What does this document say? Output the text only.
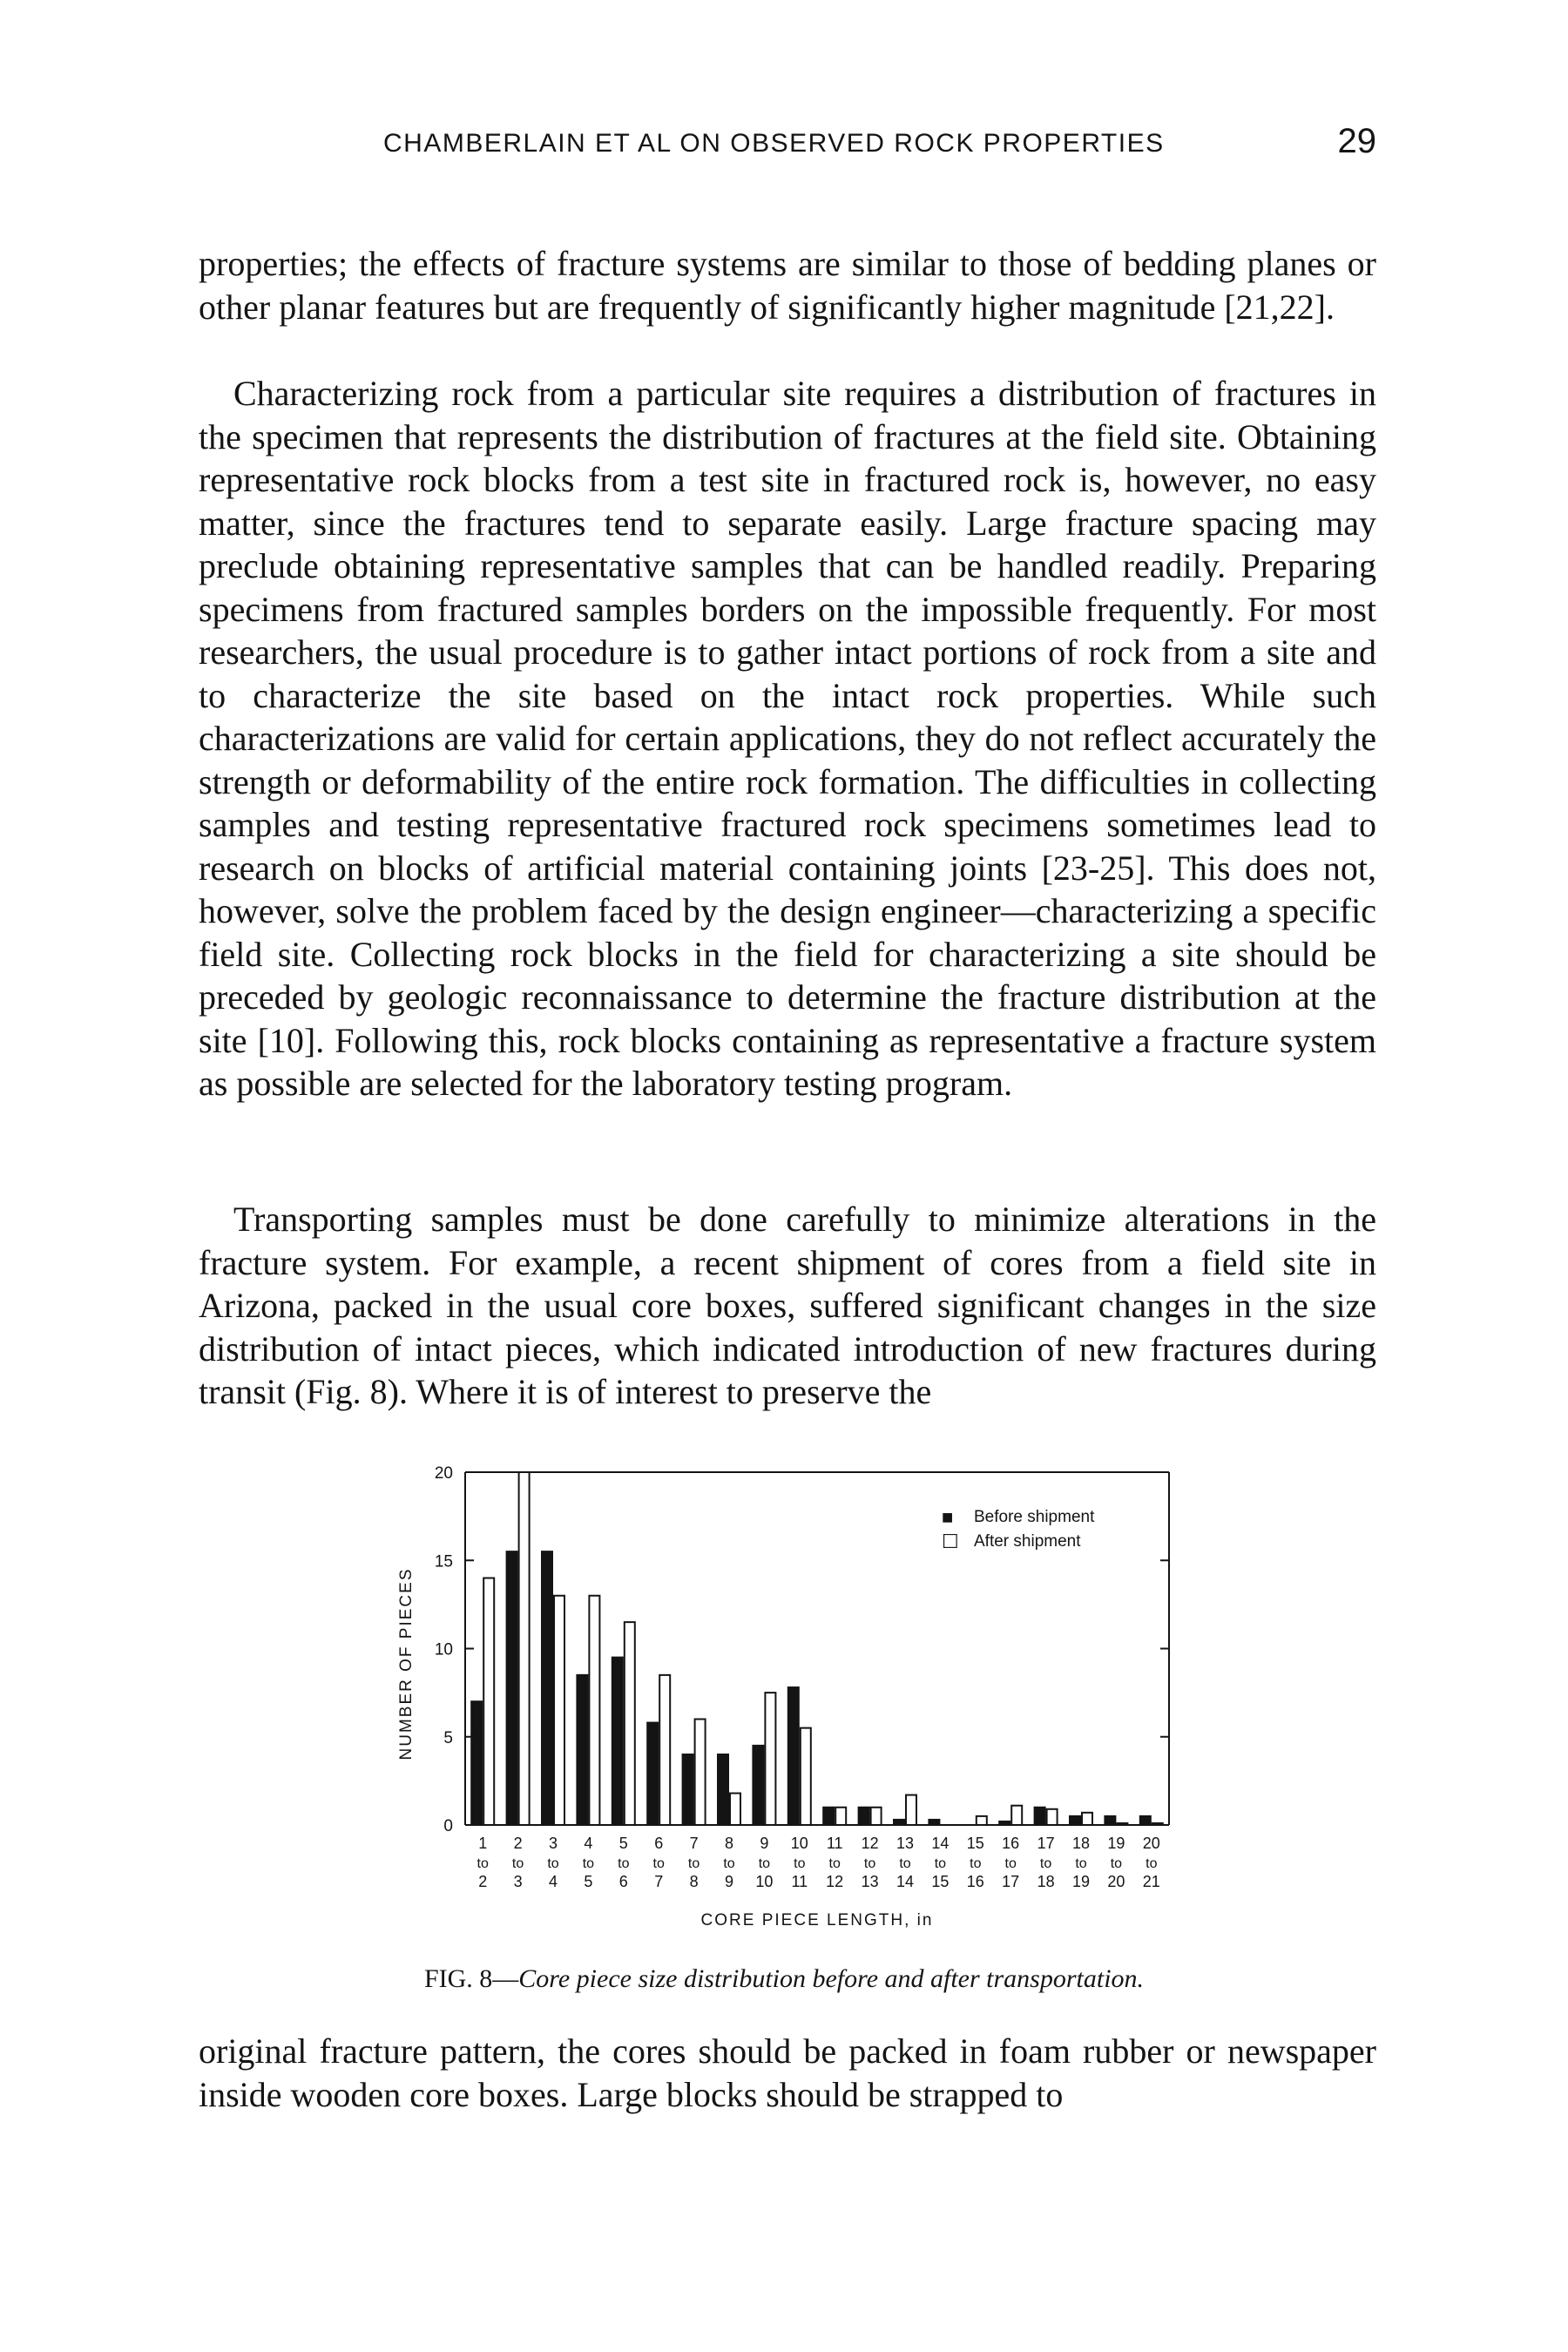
CHAMBERLAIN ET AL ON OBSERVED ROCK PROPERTIES	29

properties; the effects of fracture systems are similar to those of bedding planes or other planar features but are frequently of significantly higher magnitude [21,22].

Characterizing rock from a particular site requires a distribution of fractures in the specimen that represents the distribution of fractures at the field site. Obtaining representative rock blocks from a test site in fractured rock is, however, no easy matter, since the fractures tend to separate easily. Large fracture spacing may preclude obtaining representative samples that can be handled readily. Preparing specimens from fractured samples borders on the impossible frequently. For most researchers, the usual procedure is to gather intact portions of rock from a site and to characterize the site based on the intact rock properties. While such characterizations are valid for certain applications, they do not reflect accurately the strength or deformability of the entire rock formation. The difficulties in collecting samples and testing representative fractured rock specimens sometimes lead to research on blocks of artificial material containing joints [23-25]. This does not, however, solve the problem faced by the design engineer—characterizing a specific field site. Collecting rock blocks in the field for characterizing a site should be preceded by geologic reconnaissance to determine the fracture distribution at the site [10]. Following this, rock blocks containing as representative a fracture system as possible are selected for the laboratory testing program.

Transporting samples must be done carefully to minimize alterations in the fracture system. For example, a recent shipment of cores from a field site in Arizona, packed in the usual core boxes, suffered significant changes in the size distribution of intact pieces, which indicated introduction of new fractures during transit (Fig. 8). Where it is of interest to preserve the

0
5
10
15
20
1
to
2
2
to
3
3
to
4
4
to
5
5
to
6
6
to
7
7
to
8
8
to
9
9
to
10
10
to
11
11
to
12
12
to
13
13
to
14
14
to
15
15
to
16
16
to
17
17
to
18
18
to
19
19
to
20
20
to
21
■ Before shipment
☐ After shipment
NUMBER OF PIECES
CORE PIECE LENGTH, in

FIG. 8—Core piece size distribution before and after transportation.

original fracture pattern, the cores should be packed in foam rubber or newspaper inside wooden core boxes. Large blocks should be strapped to
